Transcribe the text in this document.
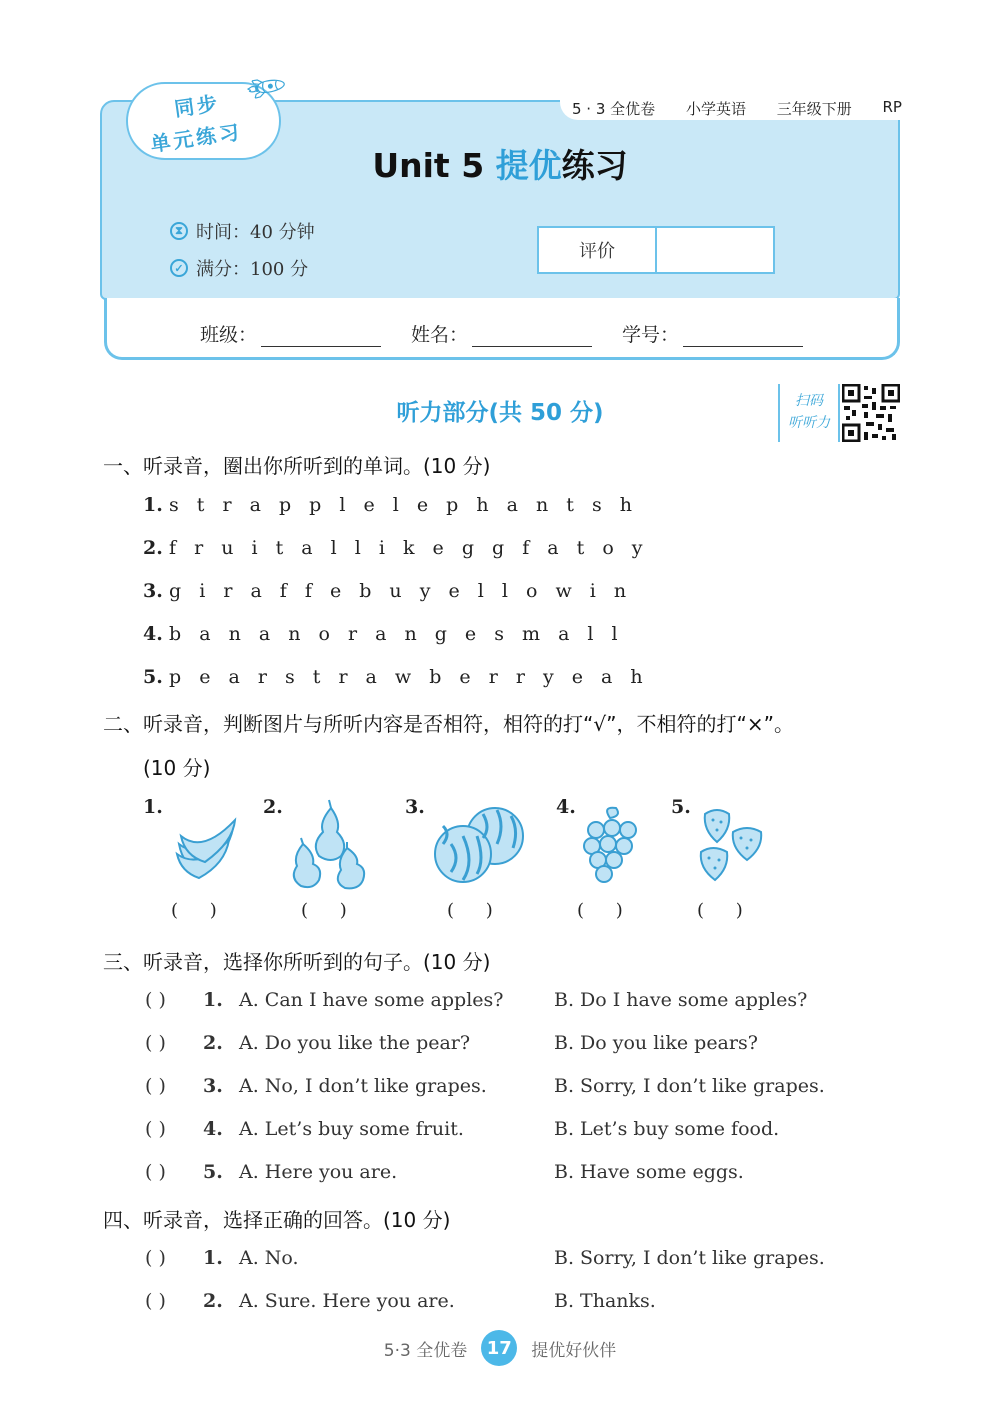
5 · 3 全优卷 小学英语 三年级下册 RP
同步
单元练习
🚀︎
Unit 5 提优练习
⧗ 时间：40 分钟
✓ 满分：100 分
评价
班级：	姓名：	学号：
听力部分(共 50 分)	扫码
听听力
一、听录音，圈出你所听到的单词。(10 分)
1. s t r a p p l e l e p h a n t s h
2. f r u i t a l l i k e g g f a t o y
3. g i r a f f e b u y e l l o w i n
4. b a n a n o r a n g e s m a l l
5. p e a r s t r a w b e r r y e a h
二、听录音，判断图片与所听内容是否相符，相符的打“√”，不相符的打“×”。
(10 分)
1.	2.	3.	4.	5.
( )	( )	( )	( )	( )
三、听录音，选择你所听到的句子。(10 分)
( ) 1. A. Can I have some apples?	B. Do I have some apples?
( ) 2. A. Do you like the pear?	B. Do you like pears?
( ) 3. A. No, I don’t like grapes.	B. Sorry, I don’t like grapes.
( ) 4. A. Let’s buy some fruit.	B. Let’s buy some food.
( ) 5. A. Here you are.	B. Have some eggs.
四、听录音，选择正确的回答。(10 分)
( ) 1. A. No.	B. Sorry, I don’t like grapes.
( ) 2. A. Sure. Here you are.	B. Thanks.
5·3 全优卷	17	提优好伙伴
